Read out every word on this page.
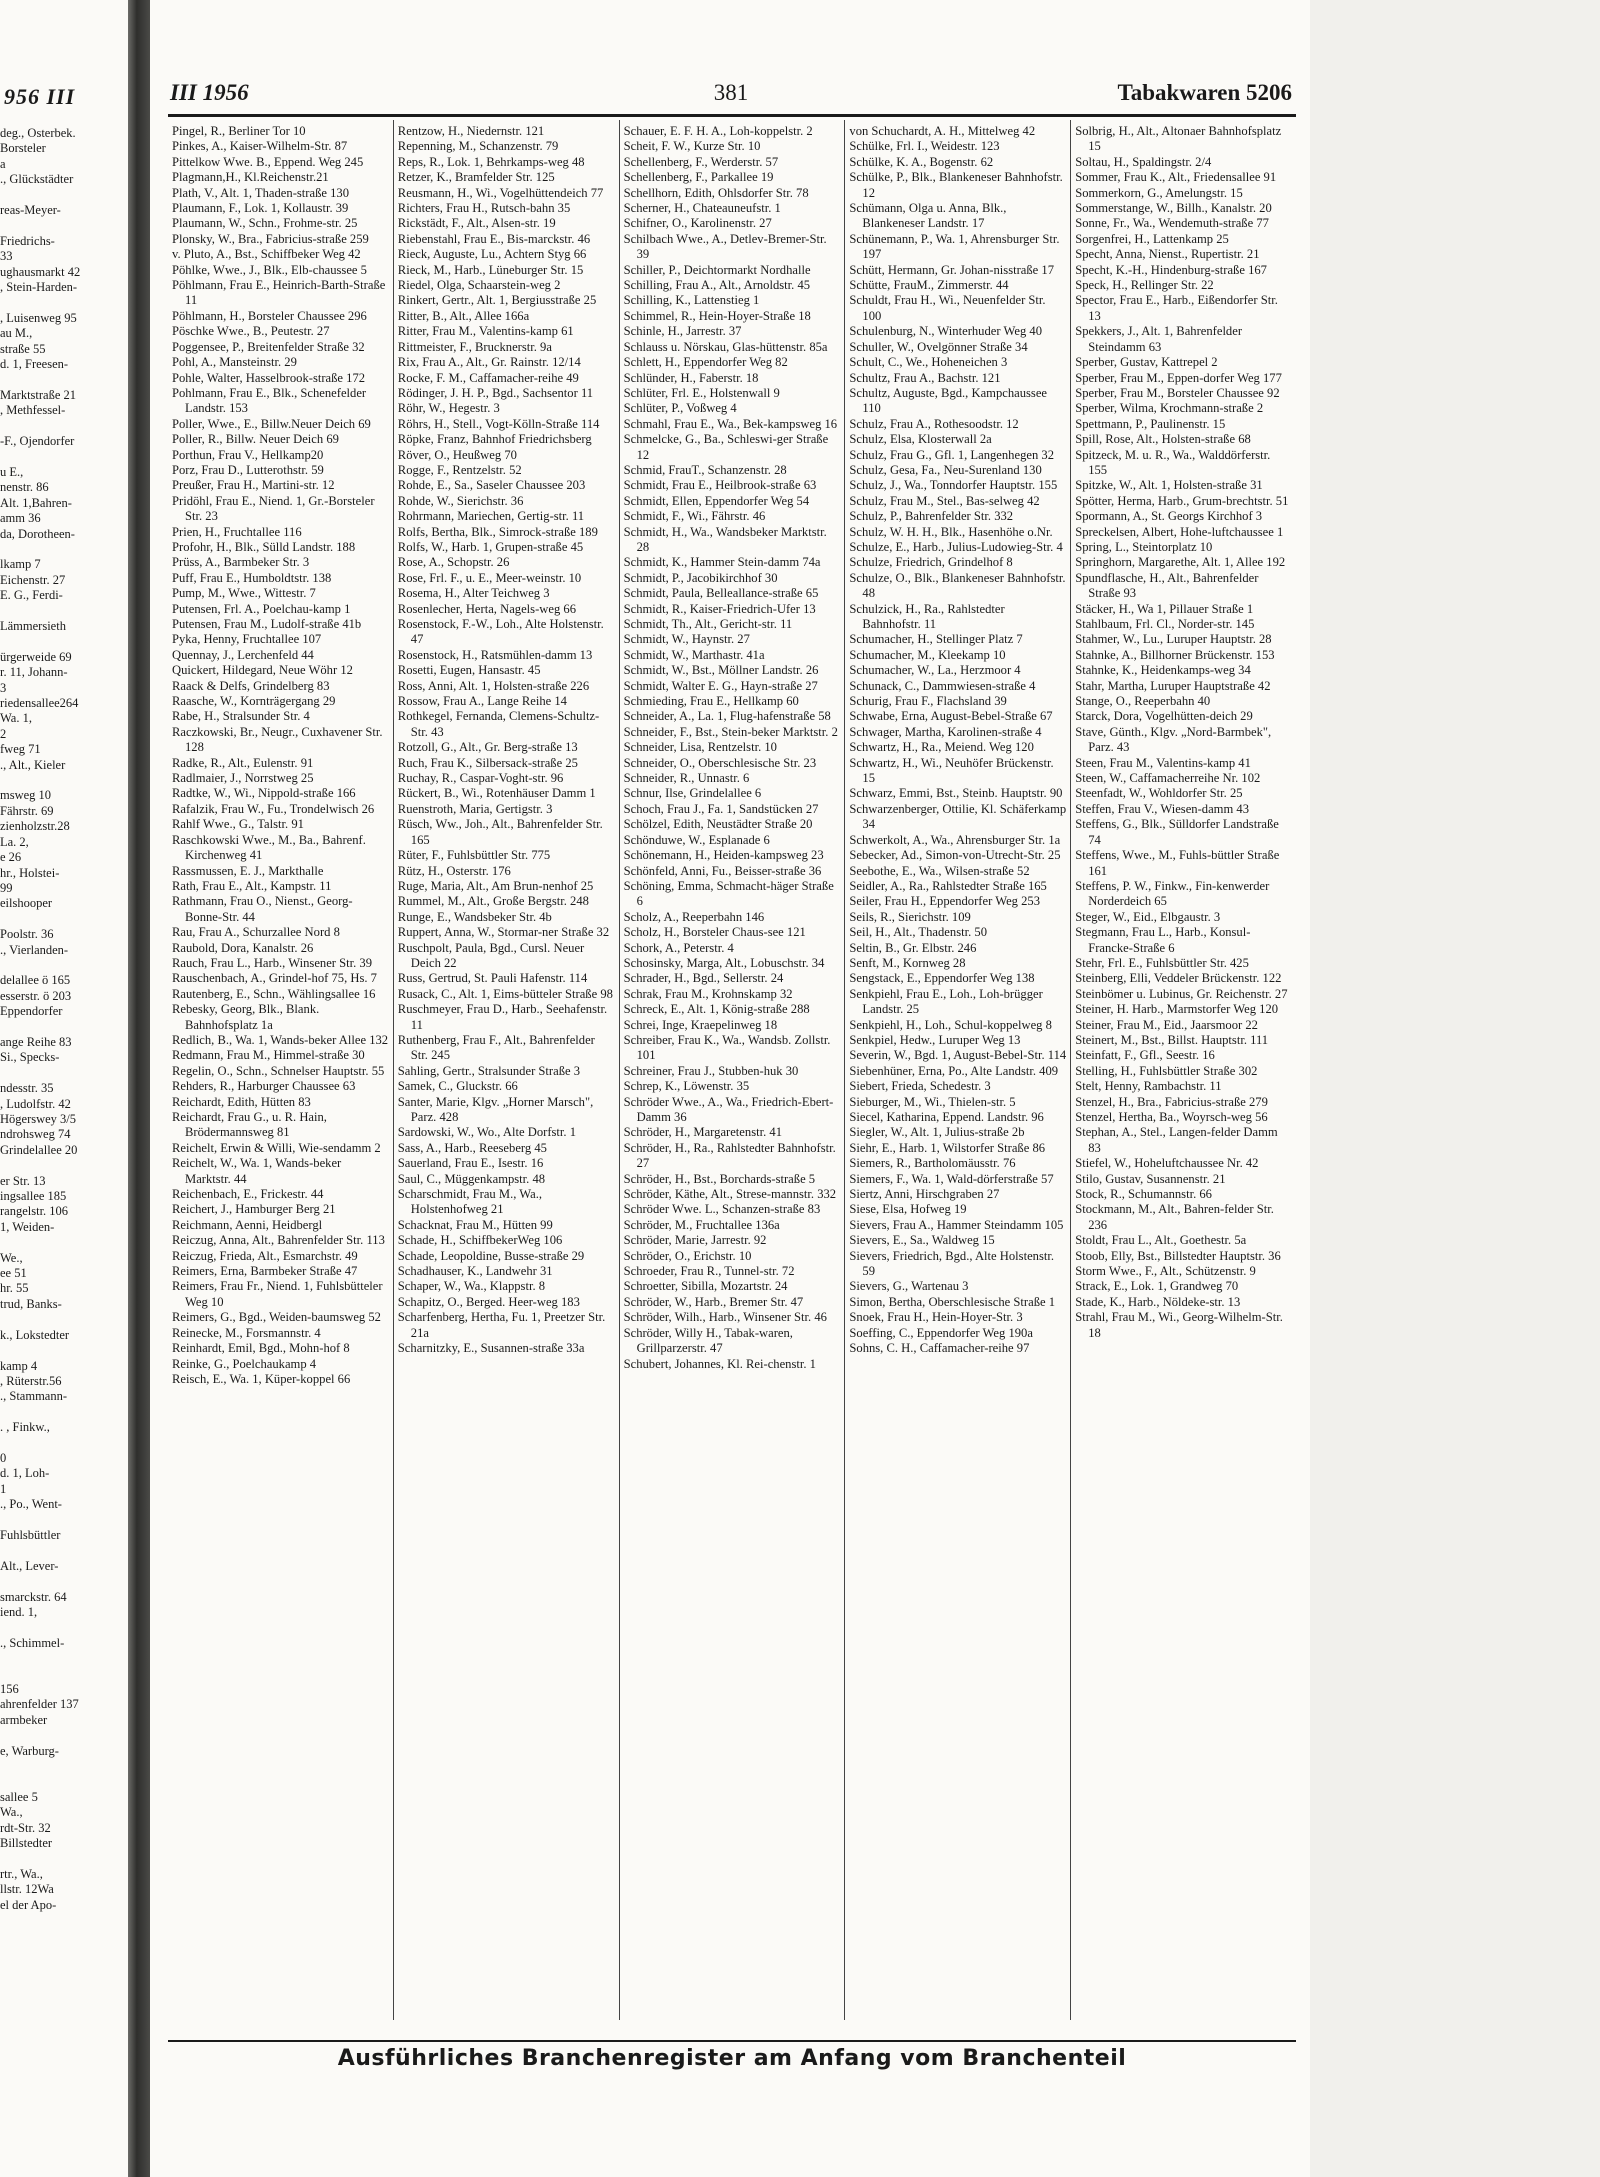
956 III
deg., Osterbek.
Borsteler
a
., Glückstädter

reas-Meyer-

Friedrichs-
33
ughausmarkt 42
, Stein-Harden-

, Luisenweg 95
au M.,
straße 55
d. 1, Freesen-

Marktstraße 21
, Methfessel-

-F., Ojendorfer

u E.,
nenstr. 86
Alt. 1,Bahren-
amm 36
da, Dorotheen-

lkamp 7
Eichenstr. 27
E. G., Ferdi-

Lämmersieth

ürgerweide 69
r. 11, Johann-
3
riedensallee264
Wa. 1,
2
fweg 71
., Alt., Kieler

msweg 10
Fährstr. 69
zienholzstr.28
La. 2,
e 26
hr., Holstei-
99
eilshooper

Poolstr. 36
., Vierlanden-

delallee ö 165
esserstr. ö 203
Eppendorfer

ange Reihe 83
Si., Specks-

ndesstr. 35
, Ludolfstr. 42
Högerswey 3/5
ndrohsweg 74
Grindelallee 20

er Str. 13
ingsallee 185
rangelstr. 106
1, Weiden-

We.,
ee 51
hr. 55
trud, Banks-

k., Lokstedter

kamp 4
, Rüterstr.56
., Stammann-

. , Finkw.,

0
d. 1, Loh-
1
., Po., Went-

Fuhlsbüttler

Alt., Lever-

smarckstr. 64
iend. 1,

., Schimmel-

156
ahrenfelder 137
armbeker

e, Warburg-

sallee 5
Wa.,
rdt-Str. 32
Billstedter

rtr., Wa.,
llstr. 12Wa
el der Apo-
III 1956	381	Tabakwaren 5206
Pingel, R., Berliner Tor 10
Pinkes, A., Kaiser-Wilhelm-Str. 87
Pittelkow Wwe. B., Eppend. Weg 245
Plagmann,H., Kl.Reichenstr.21
Plath, V., Alt. 1, Thaden-straße 130
Plaumann, F., Lok. 1, Kollaustr. 39
Plaumann, W., Schn., Frohme-str. 25
Plonsky, W., Bra., Fabricius-straße 259
v. Pluto, A., Bst., Schiffbeker Weg 42
Pöhlke, Wwe., J., Blk., Elb-chaussee 5
Pöhlmann, Frau E., Heinrich-Barth-Straße 11
Pöhlmann, H., Borsteler Chaussee 296
Pöschke Wwe., B., Peutestr. 27
Poggensee, P., Breitenfelder Straße 32
Pohl, A., Mansteinstr. 29
Pohle, Walter, Hasselbrook-straße 172
Pohlmann, Frau E., Blk., Schenefelder Landstr. 153
Poller, Wwe., E., Billw.Neuer Deich 69
Poller, R., Billw. Neuer Deich 69
Porthun, Frau V., Hellkamp20
Porz, Frau D., Lutterothstr. 59
Preußer, Frau H., Martini-str. 12
Pridöhl, Frau E., Niend. 1, Gr.-Borsteler Str. 23
Prien, H., Fruchtallee 116
Profohr, H., Blk., Sülld Landstr. 188
Prüss, A., Barmbeker Str. 3
Puff, Frau E., Humboldtstr. 138
Pump, M., Wwe., Wittestr. 7
Putensen, Frl. A., Poelchau-kamp 1
Putensen, Frau M., Ludolf-straße 41b
Pyka, Henny, Fruchtallee 107
Quennay, J., Lerchenfeld 44
Quickert, Hildegard, Neue Wöhr 12
Raack & Delfs, Grindelberg 83
Raasche, W., Kornträgergang 29
Rabe, H., Stralsunder Str. 4
Raczkowski, Br., Neugr., Cuxhavener Str. 128
Radke, R., Alt., Eulenstr. 91
Radlmaier, J., Norrstweg 25
Radtke, W., Wi., Nippold-straße 166
Rafalzik, Frau W., Fu., Trondelwisch 26
Rahlf Wwe., G., Talstr. 91
Raschkowski Wwe., M., Ba., Bahrenf. Kirchenweg 41
Rassmussen, E. J., Markthalle
Rath, Frau E., Alt., Kampstr. 11
Rathmann, Frau O., Nienst., Georg-Bonne-Str. 44
Rau, Frau A., Schurzallee Nord 8
Raubold, Dora, Kanalstr. 26
Rauch, Frau L., Harb., Winsener Str. 39
Rauschenbach, A., Grindel-hof 75, Hs. 7
Rautenberg, E., Schn., Wählingsallee 16
Rebesky, Georg, Blk., Blank. Bahnhofsplatz 1a
Redlich, B., Wa. 1, Wands-beker Allee 132
Redmann, Frau M., Himmel-straße 30
Regelin, O., Schn., Schnelser Hauptstr. 55
Rehders, R., Harburger Chaussee 63
Reichardt, Edith, Hütten 83
Reichardt, Frau G., u. R. Hain, Brödermannsweg 81
Reichelt, Erwin & Willi, Wie-sendamm 2
Reichelt, W., Wa. 1, Wands-beker Marktstr. 44
Reichenbach, E., Frickestr. 44
Reichert, J., Hamburger Berg 21
Reichmann, Aenni, Heidbergl
Reiczug, Anna, Alt., Bahrenfelder Str. 113
Reiczug, Frieda, Alt., Esmarchstr. 49
Reimers, Erna, Barmbeker Straße 47
Reimers, Frau Fr., Niend. 1, Fuhlsbütteler Weg 10
Reimers, G., Bgd., Weiden-baumsweg 52
Reinecke, M., Forsmannstr. 4
Reinhardt, Emil, Bgd., Mohn-hof 8
Reinke, G., Poelchaukamp 4
Reisch, E., Wa. 1, Küper-koppel 66
Rentzow, H., Niedernstr. 121
Repenning, M., Schanzenstr. 79
Reps, R., Lok. 1, Behrkamps-weg 48
Retzer, K., Bramfelder Str. 125
Reusmann, H., Wi., Vogelhüttendeich 77
Richters, Frau H., Rutsch-bahn 35
Rickstädt, F., Alt., Alsen-str. 19
Riebenstahl, Frau E., Bis-marckstr. 46
Rieck, Auguste, Lu., Achtern Styg 66
Rieck, M., Harb., Lüneburger Str. 15
Riedel, Olga, Schaarstein-weg 2
Rinkert, Gertr., Alt. 1, Bergiusstraße 25
Ritter, B., Alt., Allee 166a
Ritter, Frau M., Valentins-kamp 61
Rittmeister, F., Brucknerstr. 9a
Rix, Frau A., Alt., Gr. Rainstr. 12/14
Rocke, F. M., Caffamacher-reihe 49
Rödinger, J. H. P., Bgd., Sachsentor 11
Röhr, W., Hegestr. 3
Röhrs, H., Stell., Vogt-Kölln-Straße 114
Röpke, Franz, Bahnhof Friedrichsberg
Röver, O., Heußweg 70
Rogge, F., Rentzelstr. 52
Rohde, E., Sa., Saseler Chaussee 203
Rohde, W., Sierichstr. 36
Rohrmann, Mariechen, Gertig-str. 11
Rolfs, Bertha, Blk., Simrock-straße 189
Rolfs, W., Harb. 1, Grupen-straße 45
Rose, A., Schopstr. 26
Rose, Frl. F., u. E., Meer-weinstr. 10
Rosema, H., Alter Teichweg 3
Rosenlecher, Herta, Nagels-weg 66
Rosenstock, F.-W., Loh., Alte Holstenstr. 47
Rosenstock, H., Ratsmühlen-damm 13
Rosetti, Eugen, Hansastr. 45
Ross, Anni, Alt. 1, Holsten-straße 226
Rossow, Frau A., Lange Reihe 14
Rothkegel, Fernanda, Clemens-Schultz-Str. 43
Rotzoll, G., Alt., Gr. Berg-straße 13
Ruch, Frau K., Silbersack-straße 25
Ruchay, R., Caspar-Voght-str. 96
Rückert, B., Wi., Rotenhäuser Damm 1
Ruenstroth, Maria, Gertigstr. 3
Rüsch, Ww., Joh., Alt., Bahrenfelder Str. 165
Rüter, F., Fuhlsbüttler Str. 775
Rütz, H., Osterstr. 176
Ruge, Maria, Alt., Am Brun-nenhof 25
Rummel, M., Alt., Große Bergstr. 248
Runge, E., Wandsbeker Str. 4b
Ruppert, Anna, W., Stormar-ner Straße 32
Ruschpolt, Paula, Bgd., Cursl. Neuer Deich 22
Russ, Gertrud, St. Pauli Hafenstr. 114
Rusack, C., Alt. 1, Eims-bütteler Straße 98
Ruschmeyer, Frau D., Harb., Seehafenstr. 11
Ruthenberg, Frau F., Alt., Bahrenfelder Str. 245
Sahling, Gertr., Stralsunder Straße 3
Samek, C., Gluckstr. 66
Santer, Marie, Klgv. „Horner Marsch", Parz. 428
Sardowski, W., Wo., Alte Dorfstr. 1
Sass, A., Harb., Reeseberg 45
Sauerland, Frau E., Isestr. 16
Saul, C., Müggenkampstr. 48
Scharschmidt, Frau M., Wa., Holstenhofweg 21
Schacknat, Frau M., Hütten 99
Schade, H., SchiffbekerWeg 106
Schade, Leopoldine, Busse-straße 29
Schadhauser, K., Landwehr 31
Schaper, W., Wa., Klappstr. 8
Schapitz, O., Berged. Heer-weg 183
Scharfenberg, Hertha, Fu. 1, Preetzer Str. 21a
Scharnitzky, E., Susannen-straße 33a
Schauer, E. F. H. A., Loh-koppelstr. 2
Scheit, F. W., Kurze Str. 10
Schellenberg, F., Werderstr. 57
Schellenberg, F., Parkallee 19
Schellhorn, Edith, Ohlsdorfer Str. 78
Scherner, H., Chateauneufstr. 1
Schifner, O., Karolinenstr. 27
Schilbach Wwe., A., Detlev-Bremer-Str. 39
Schiller, P., Deichtormarkt Nordhalle
Schilling, Frau A., Alt., Arnoldstr. 45
Schilling, K., Lattenstieg 1
Schimmel, R., Hein-Hoyer-Straße 18
Schinle, H., Jarrestr. 37
Schlauss u. Nörskau, Glas-hüttenstr. 85a
Schlett, H., Eppendorfer Weg 82
Schlünder, H., Faberstr. 18
Schlüter, Frl. E., Holstenwall 9
Schlüter, P., Voßweg 4
Schmahl, Frau E., Wa., Bek-kampsweg 16
Schmelcke, G., Ba., Schleswi-ger Straße 12
Schmid, FrauT., Schanzenstr. 28
Schmidt, Frau E., Heilbrook-straße 63
Schmidt, Ellen, Eppendorfer Weg 54
Schmidt, F., Wi., Fährstr. 46
Schmidt, H., Wa., Wandsbeker Marktstr. 28
Schmidt, K., Hammer Stein-damm 74a
Schmidt, P., Jacobikirchhof 30
Schmidt, Paula, Belleallance-straße 65
Schmidt, R., Kaiser-Friedrich-Ufer 13
Schmidt, Th., Alt., Gericht-str. 11
Schmidt, W., Haynstr. 27
Schmidt, W., Marthastr. 41a
Schmidt, W., Bst., Möllner Landstr. 26
Schmidt, Walter E. G., Hayn-straße 27
Schmieding, Frau E., Hellkamp 60
Schneider, A., La. 1, Flug-hafenstraße 58
Schneider, F., Bst., Stein-beker Marktstr. 2
Schneider, Lisa, Rentzelstr. 10
Schneider, O., Oberschlesische Str. 23
Schneider, R., Unnastr. 6
Schnur, Ilse, Grindelallee 6
Schoch, Frau J., Fa. 1, Sandstücken 27
Schölzel, Edith, Neustädter Straße 20
Schönduwe, W., Esplanade 6
Schönemann, H., Heiden-kampsweg 23
Schönfeld, Anni, Fu., Beisser-straße 36
Schöning, Emma, Schmacht-häger Straße 6
Scholz, A., Reeperbahn 146
Scholz, H., Borsteler Chaus-see 121
Schork, A., Peterstr. 4
Schosinsky, Marga, Alt., Lobuschstr. 34
Schrader, H., Bgd., Sellerstr. 24
Schrak, Frau M., Krohnskamp 32
Schreck, E., Alt. 1, König-straße 288
Schrei, Inge, Kraepelinweg 18
Schreiber, Frau K., Wa., Wandsb. Zollstr. 101
Schreiner, Frau J., Stubben-huk 30
Schrep, K., Löwenstr. 35
Schröder Wwe., A., Wa., Friedrich-Ebert-Damm 36
Schröder, H., Margaretenstr. 41
Schröder, H., Ra., Rahlstedter Bahnhofstr. 27
Schröder, H., Bst., Borchards-straße 5
Schröder, Käthe, Alt., Strese-mannstr. 332
Schröder Wwe. L., Schanzen-straße 83
Schröder, M., Fruchtallee 136a
Schröder, Marie, Jarrestr. 92
Schröder, O., Erichstr. 10
Schroeder, Frau R., Tunnel-str. 72
Schroetter, Sibilla, Mozartstr. 24
Schröder, W., Harb., Bremer Str. 47
Schröder, Wilh., Harb., Winsener Str. 46
Schröder, Willy H., Tabak-waren, Grillparzerstr. 47
Schubert, Johannes, Kl. Rei-chenstr. 1
von Schuchardt, A. H., Mittelweg 42
Schülke, Frl. I., Weidestr. 123
Schülke, K. A., Bogenstr. 62
Schülke, P., Blk., Blankeneser Bahnhofstr. 12
Schümann, Olga u. Anna, Blk., Blankeneser Landstr. 17
Schünemann, P., Wa. 1, Ahrensburger Str. 197
Schütt, Hermann, Gr. Johan-nisstraße 17
Schütte, FrauM., Zimmerstr. 44
Schuldt, Frau H., Wi., Neuenfelder Str. 100
Schulenburg, N., Winterhuder Weg 40
Schuller, W., Ovelgönner Straße 34
Schult, C., We., Hoheneichen 3
Schultz, Frau A., Bachstr. 121
Schultz, Auguste, Bgd., Kampchaussee 110
Schulz, Frau A., Rothesoodstr. 12
Schulz, Elsa, Klosterwall 2a
Schulz, Frau G., Gfl. 1, Langenhegen 32
Schulz, Gesa, Fa., Neu-Surenland 130
Schulz, J., Wa., Tonndorfer Hauptstr. 155
Schulz, Frau M., Stel., Bas-selweg 42
Schulz, P., Bahrenfelder Str. 332
Schulz, W. H. H., Blk., Hasenhöhe o.Nr.
Schulze, E., Harb., Julius-Ludowieg-Str. 4
Schulze, Friedrich, Grindelhof 8
Schulze, O., Blk., Blankeneser Bahnhofstr. 48
Schulzick, H., Ra., Rahlstedter Bahnhofstr. 11
Schumacher, H., Stellinger Platz 7
Schumacher, M., Kleekamp 10
Schumacher, W., La., Herzmoor 4
Schunack, C., Dammwiesen-straße 4
Schurig, Frau F., Flachsland 39
Schwabe, Erna, August-Bebel-Straße 67
Schwager, Martha, Karolinen-straße 4
Schwartz, H., Ra., Meiend. Weg 120
Schwartz, H., Wi., Neuhöfer Brückenstr. 15
Schwarz, Emmi, Bst., Steinb. Hauptstr. 90
Schwarzenberger, Ottilie, Kl. Schäferkamp 34
Schwerkolt, A., Wa., Ahrensburger Str. 1a
Sebecker, Ad., Simon-von-Utrecht-Str. 25
Seebothe, E., Wa., Wilsen-straße 52
Seidler, A., Ra., Rahlstedter Straße 165
Seiler, Frau H., Eppendorfer Weg 253
Seils, R., Sierichstr. 109
Seil, H., Alt., Thadenstr. 50
Seltin, B., Gr. Elbstr. 246
Senft, M., Kornweg 28
Sengstack, E., Eppendorfer Weg 138
Senkpiehl, Frau E., Loh., Loh-brügger Landstr. 25
Senkpiehl, H., Loh., Schul-koppelweg 8
Senkpiel, Hedw., Luruper Weg 13
Severin, W., Bgd. 1, August-Bebel-Str. 114
Siebenhüner, Erna, Po., Alte Landstr. 409
Siebert, Frieda, Schedestr. 3
Sieburger, M., Wi., Thielen-str. 5
Siecel, Katharina, Eppend. Landstr. 96
Siegler, W., Alt. 1, Julius-straße 2b
Siehr, E., Harb. 1, Wilstorfer Straße 86
Siemers, R., Bartholomäusstr. 76
Siemers, F., Wa. 1, Wald-dörferstraße 57
Siertz, Anni, Hirschgraben 27
Siese, Elsa, Hofweg 19
Sievers, Frau A., Hammer Steindamm 105
Sievers, E., Sa., Waldweg 15
Sievers, Friedrich, Bgd., Alte Holstenstr. 59
Sievers, G., Wartenau 3
Simon, Bertha, Oberschlesische Straße 1
Snoek, Frau H., Hein-Hoyer-Str. 3
Soeffing, C., Eppendorfer Weg 190a
Sohns, C. H., Caffamacher-reihe 97
Solbrig, H., Alt., Altonaer Bahnhofsplatz 15
Soltau, H., Spaldingstr. 2/4
Sommer, Frau K., Alt., Friedensallee 91
Sommerkorn, G., Amelungstr. 15
Sommerstange, W., Billh., Kanalstr. 20
Sonne, Fr., Wa., Wendemuth-straße 77
Sorgenfrei, H., Lattenkamp 25
Specht, Anna, Nienst., Rupertistr. 21
Specht, K.-H., Hindenburg-straße 167
Speck, H., Rellinger Str. 22
Spector, Frau E., Harb., Eißendorfer Str. 13
Spekkers, J., Alt. 1, Bahrenfelder Steindamm 63
Sperber, Gustav, Kattrepel 2
Sperber, Frau M., Eppen-dorfer Weg 177
Sperber, Frau M., Borsteler Chaussee 92
Sperber, Wilma, Krochmann-straße 2
Spettmann, P., Paulinenstr. 15
Spill, Rose, Alt., Holsten-straße 68
Spitzeck, M. u. R., Wa., Walddörferstr. 155
Spitzke, W., Alt. 1, Holsten-straße 31
Spötter, Herma, Harb., Grum-brechtstr. 51
Spormann, A., St. Georgs Kirchhof 3
Spreckelsen, Albert, Hohe-luftchaussee 1
Spring, L., Steintorplatz 10
Springhorn, Margarethe, Alt. 1, Allee 192
Spundflasche, H., Alt., Bahrenfelder Straße 93
Stäcker, H., Wa 1, Pillauer Straße 1
Stahlbaum, Frl. Cl., Norder-str. 145
Stahmer, W., Lu., Luruper Hauptstr. 28
Stahnke, A., Billhorner Brückenstr. 153
Stahnke, K., Heidenkamps-weg 34
Stahr, Martha, Luruper Hauptstraße 42
Stange, O., Reeperbahn 40
Starck, Dora, Vogelhütten-deich 29
Stave, Günth., Klgv. „Nord-Barmbek", Parz. 43
Steen, Frau M., Valentins-kamp 41
Steen, W., Caffamacherreihe Nr. 102
Steenfadt, W., Wohldorfer Str. 25
Steffen, Frau V., Wiesen-damm 43
Steffens, G., Blk., Sülldorfer Landstraße 74
Steffens, Wwe., M., Fuhls-büttler Straße 161
Steffens, P. W., Finkw., Fin-kenwerder Norderdeich 65
Steger, W., Eid., Elbgaustr. 3
Stegmann, Frau L., Harb., Konsul-Francke-Straße 6
Stehr, Frl. E., Fuhlsbüttler Str. 425
Steinberg, Elli, Veddeler Brückenstr. 122
Steinbömer u. Lubinus, Gr. Reichenstr. 27
Steiner, H. Harb., Marmstorfer Weg 120
Steiner, Frau M., Eid., Jaarsmoor 22
Steinert, M., Bst., Billst. Hauptstr. 111
Steinfatt, F., Gfl., Seestr. 16
Stelling, H., Fuhlsbüttler Straße 302
Stelt, Henny, Rambachstr. 11
Stenzel, H., Bra., Fabricius-straße 279
Stenzel, Hertha, Ba., Woyrsch-weg 56
Stephan, A., Stel., Langen-felder Damm 83
Stiefel, W., Hoheluftchaussee Nr. 42
Stilo, Gustav, Susannenstr. 21
Stock, R., Schumannstr. 66
Stockmann, M., Alt., Bahren-felder Str. 236
Stoldt, Frau L., Alt., Goethestr. 5a
Stoob, Elly, Bst., Billstedter Hauptstr. 36
Storm Wwe., F., Alt., Schützenstr. 9
Strack, E., Lok. 1, Grandweg 70
Stade, K., Harb., Nöldeke-str. 13
Strahl, Frau M., Wi., Georg-Wilhelm-Str. 18
Ausführliches Branchenregister am Anfang vom Branchenteil
